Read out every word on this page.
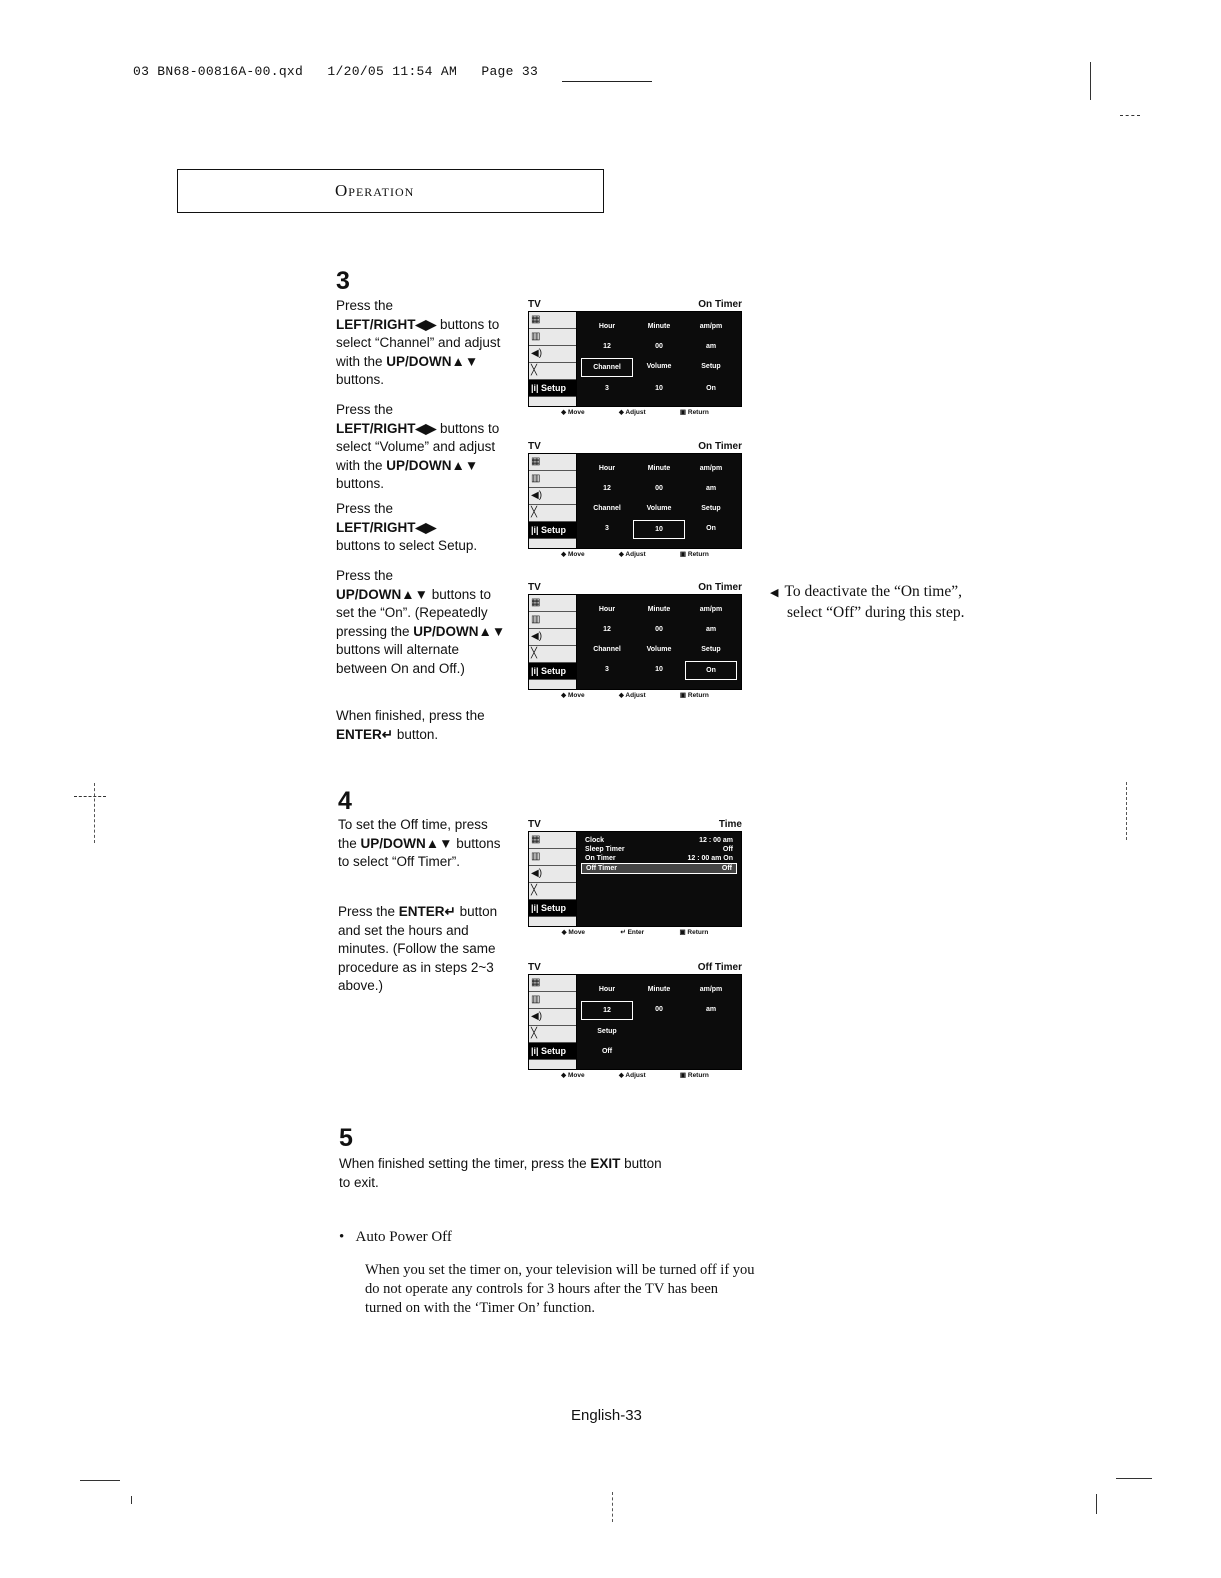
03 BN68-00816A-00.qxd   1/20/05 11:54 AM   Page 33
Operation
3
Press the
LEFT/RIGHT◀▶ buttons to select “Channel” and adjust with the UP/DOWN▲▼ buttons.
Press the
LEFT/RIGHT◀▶ buttons to select “Volume” and adjust with the UP/DOWN▲▼ buttons.
Press the
LEFT/RIGHT◀▶
buttons to select Setup.
Press the
UP/DOWN▲▼ buttons to set the “On”. (Repeatedly pressing the UP/DOWN▲▼ buttons will alternate between On and Off.)
When finished, press the ENTER↵ button.
TV	On Timer
▦
▥
◀)
╳
|i| Setup
Hour	Minute	am/pm
12	00	am
Channel	Volume	Setup
3	10	On
◆ Move	◆ Adjust	▣ Return
TV	On Timer
▦
▥
◀)
╳
|i| Setup
Hour	Minute	am/pm
12	00	am
Channel	Volume	Setup
3	10	On
◆ Move	◆ Adjust	▣ Return
TV	On Timer
▦
▥
◀)
╳
|i| Setup
Hour	Minute	am/pm
12	00	am
Channel	Volume	Setup
3	10	On
◆ Move	◆ Adjust	▣ Return
◀ To deactivate the “On time”,
select “Off” during this step.
4
To set the Off time, press the UP/DOWN▲▼ buttons to select “Off Timer”.
Press the ENTER↵ button and set the hours and minutes. (Follow the same procedure as in steps 2~3 above.)
TV	Time
▦
▥
◀)
╳
|i| Setup
Clock	12 : 00 am
Sleep Timer	Off
On Timer	12 : 00 am On
Off Timer	Off
◆ Move	↵ Enter	▣ Return
TV	Off Timer
▦
▥
◀)
╳
|i| Setup
Hour	Minute	am/pm
12	00	am
Setup
Off
◆ Move	◆ Adjust	▣ Return
5
When finished setting the timer, press the EXIT button to exit.
• Auto Power Off
When you set the timer on, your television will be turned off if you do not operate any controls for 3 hours after the TV has been turned on with the ‘Timer On’ function.
English-33
